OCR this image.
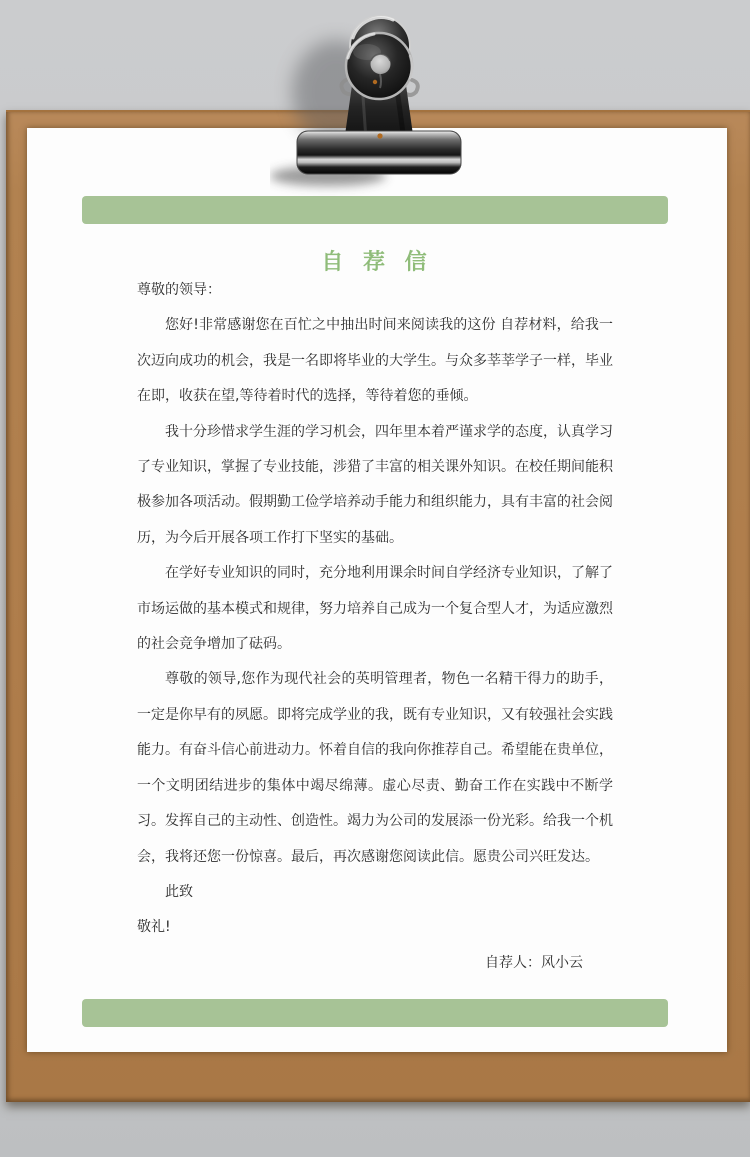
自 荐 信

尊敬的领导：

您好!非常感谢您在百忙之中抽出时间来阅读我的这份 自荐材料，给我一次迈向成功的机会，我是一名即将毕业的大学生。与众多莘莘学子一样，毕业在即，收获在望,等待着时代的选择，等待着您的垂倾。

我十分珍惜求学生涯的学习机会，四年里本着严谨求学的态度，认真学习了专业知识，掌握了专业技能，涉猎了丰富的相关课外知识。在校任期间能积极参加各项活动。假期勤工俭学培养动手能力和组织能力，具有丰富的社会阅历，为今后开展各项工作打下坚实的基础。

在学好专业知识的同时，充分地利用课余时间自学经济专业知识，了解了市场运做的基本模式和规律，努力培养自己成为一个复合型人才，为适应激烈的社会竞争增加了砝码。

尊敬的领导,您作为现代社会的英明管理者，物色一名精干得力的助手，一定是你早有的夙愿。即将完成学业的我，既有专业知识，又有较强社会实践能力。有奋斗信心前进动力。怀着自信的我向你推荐自己。希望能在贵单位，一个文明团结进步的集体中竭尽绵薄。虚心尽责、勤奋工作在实践中不断学习。发挥自己的主动性、创造性。竭力为公司的发展添一份光彩。给我一个机会，我将还您一份惊喜。最后，再次感谢您阅读此信。愿贵公司兴旺发达。

此致

敬礼!

自荐人：风小云
